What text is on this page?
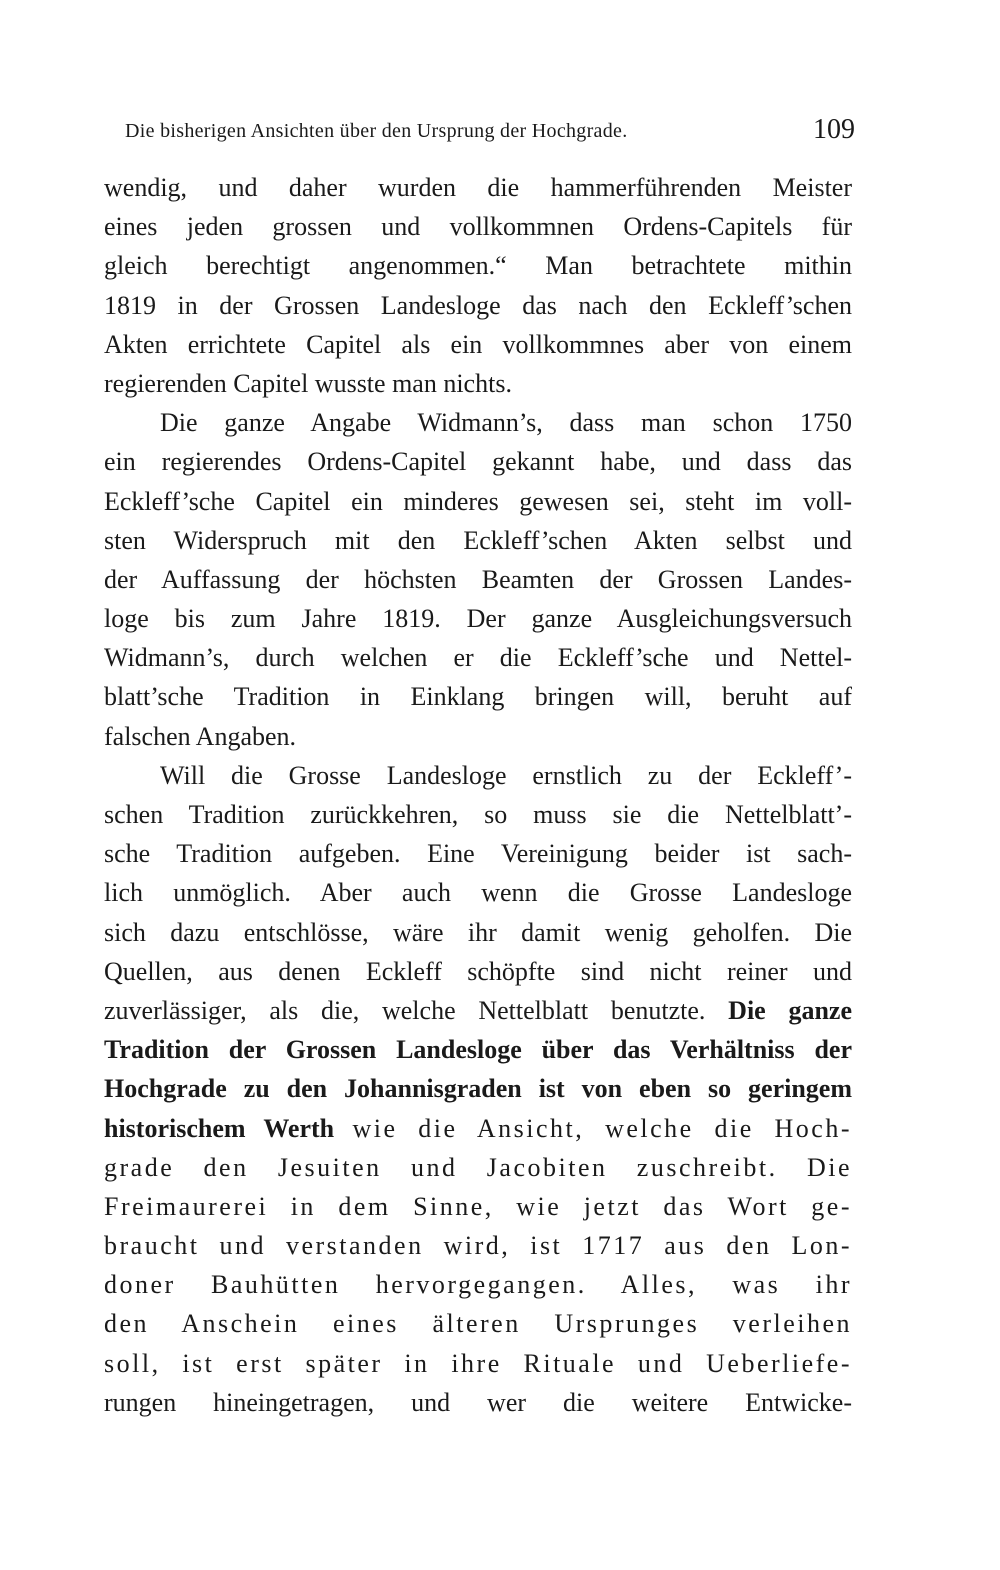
Die bisherigen Ansichten über den Ursprung der Hochgrade.	109
wendig, und daher wurden die hammerführenden Meister
eines jeden grossen und vollkommnen Ordens-Capitels für
gleich berechtigt angenommen.“ Man betrachtete mithin
1819 in der Grossen Landesloge das nach den Eckleff’schen
Akten errichtete Capitel als ein vollkommnes aber von einem
regierenden Capitel wusste man nichts.
Die ganze Angabe Widmann’s, dass man schon 1750
ein regierendes Ordens-Capitel gekannt habe, und dass das
Eckleff’sche Capitel ein minderes gewesen sei, steht im voll-
sten Widerspruch mit den Eckleff’schen Akten selbst und
der Auffassung der höchsten Beamten der Grossen Landes-
loge bis zum Jahre 1819. Der ganze Ausgleichungsversuch
Widmann’s, durch welchen er die Eckleff’sche und Nettel-
blatt’sche Tradition in Einklang bringen will, beruht auf
falschen Angaben.
Will die Grosse Landesloge ernstlich zu der Eckleff’-
schen Tradition zurückkehren, so muss sie die Nettelblatt’-
sche Tradition aufgeben. Eine Vereinigung beider ist sach-
lich unmöglich. Aber auch wenn die Grosse Landesloge
sich dazu entschlösse, wäre ihr damit wenig geholfen. Die
Quellen, aus denen Eckleff schöpfte sind nicht reiner und
zuverlässiger, als die, welche Nettelblatt benutzte. Die ganze
Tradition der Grossen Landesloge über das Verhältniss der
Hochgrade zu den Johannisgraden ist von eben so geringem
historischem Werth wie die Ansicht, welche die Hoch-
grade den Jesuiten und Jacobiten zuschreibt. Die
Freimaurerei in dem Sinne, wie jetzt das Wort ge-
braucht und verstanden wird, ist 1717 aus den Lon-
doner Bauhütten hervorgegangen. Alles, was ihr
den Anschein eines älteren Ursprunges verleihen
soll, ist erst später in ihre Rituale und Ueberliefe-
rungen hineingetragen, und wer die weitere Entwicke-
